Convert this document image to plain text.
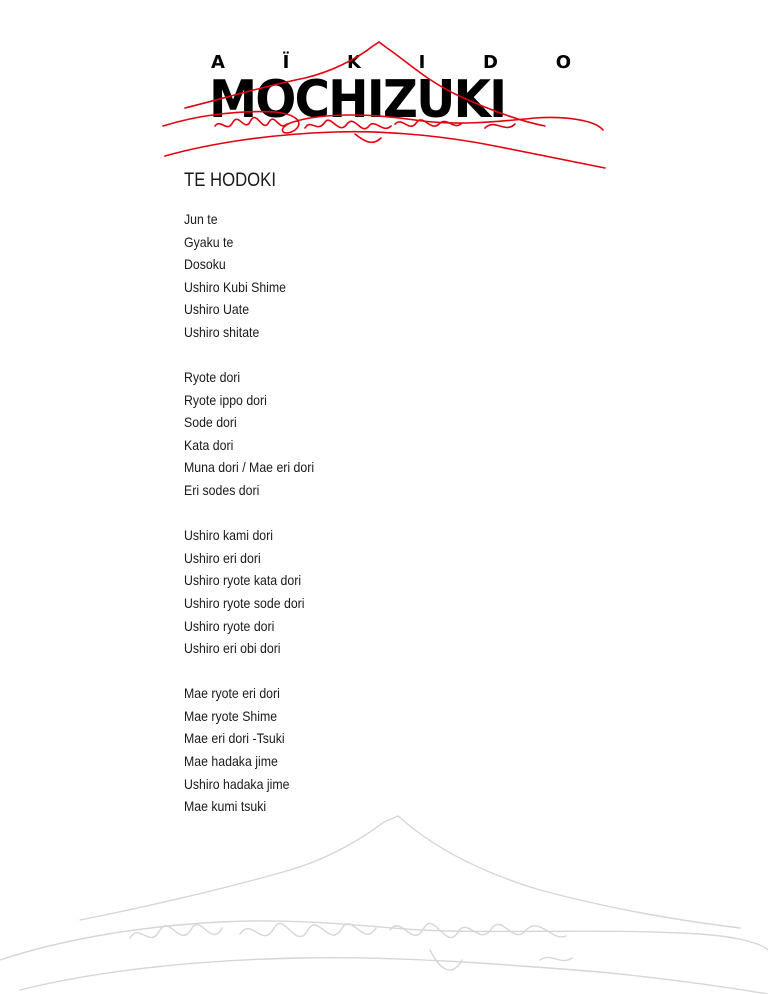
A	Ï	K	I	D	O
MOCHIZUKI
TE HODOKI
Jun te
Gyaku te
Dosoku
Ushiro Kubi Shime
Ushiro Uate
Ushiro shitate
Ryote dori
Ryote ippo dori
Sode dori
Kata dori
Muna dori / Mae eri dori
Eri sodes dori
Ushiro kami dori
Ushiro eri dori
Ushiro ryote kata dori
Ushiro ryote sode dori
Ushiro ryote dori
Ushiro eri obi dori
Mae ryote eri dori
Mae ryote Shime
Mae eri dori -Tsuki
Mae hadaka jime
Ushiro hadaka jime
Mae kumi tsuki
